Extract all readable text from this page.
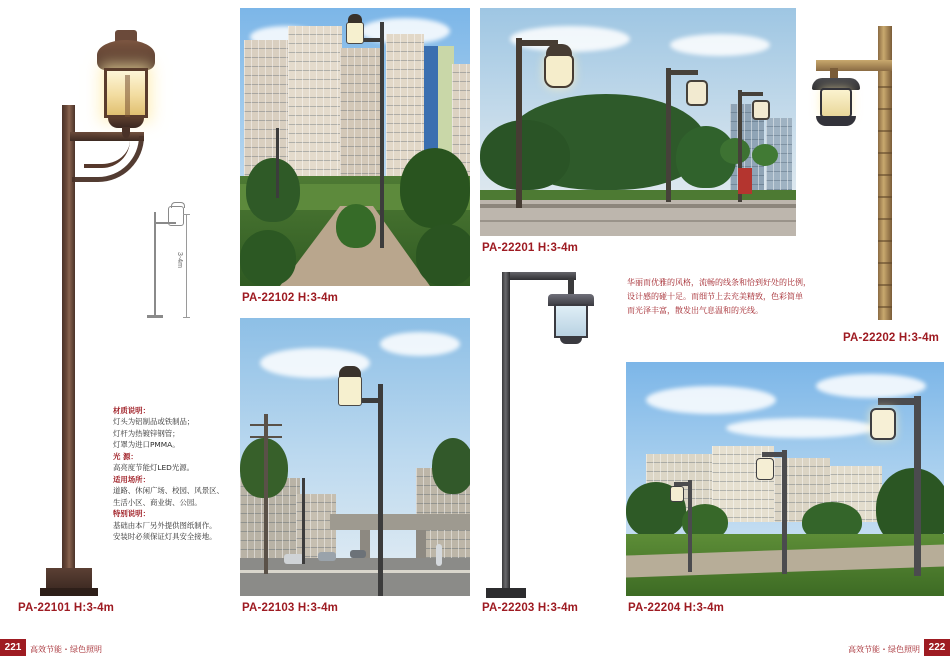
3-4m
材质说明：
灯头为铝制品或铁制品；
灯杆为热镀锌钢管；
灯罩为进口PMMA。
光 源：
高亮度节能灯LED光源。
适用场所：
道路、休闲广场、校园、风景区、
生活小区、商业街、公园。
特别说明：
基础由本厂另外提供图纸制作。
安装时必须保证灯具安全接地。
PA-22101 H:3-4m
PA-22102 H:3-4m
PA-22103 H:3-4m
PA-22201 H:3-4m
PA-22203 H:3-4m
PA-22202 H:3-4m
华丽而优雅的风格，流畅的线条和恰到好处的比例，
设计感的碰十足。而细节上去充美精致，色彩简单
而光泽丰富，散发出气息温和的光线。
PA-22204 H:3-4m
221	高效节能・绿色照明	高效节能・绿色照明 222
